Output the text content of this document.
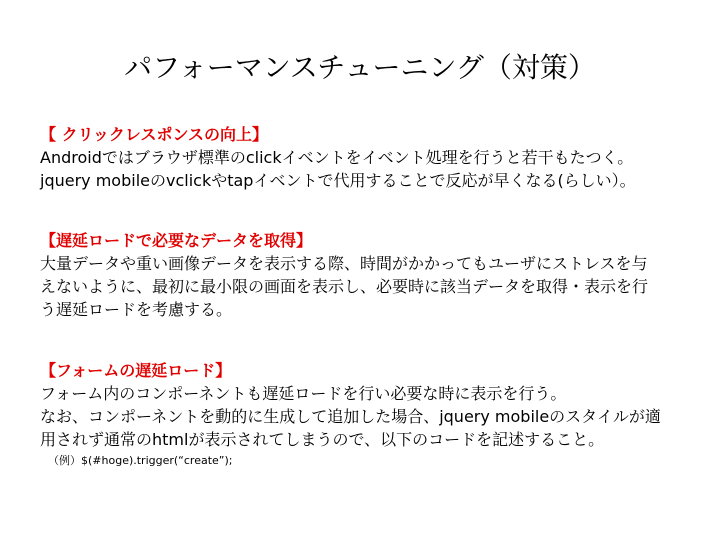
パフォーマンスチューニング（対策）
【 クリックレスポンスの向上】
Androidではブラウザ標準のclickイベントをイベント処理を行うと若干もたつく。
jquery mobileのvclickやtapイベントで代用することで反応が早くなる(らしい）。
【遅延ロードで必要なデータを取得】
大量データや重い画像データを表示する際、時間がかかってもユーザにストレスを与
えないように、最初に最小限の画面を表示し、必要時に該当データを取得・表示を行
う遅延ロードを考慮する。
【フォームの遅延ロード】
フォーム内のコンポーネントも遅延ロードを行い必要な時に表示を行う。
なお、コンポーネントを動的に生成して追加した場合、jquery mobileのスタイルが適
用されず通常のhtmlが表示されてしまうので、以下のコードを記述すること。
（例）$(#hoge).trigger(“create”);
